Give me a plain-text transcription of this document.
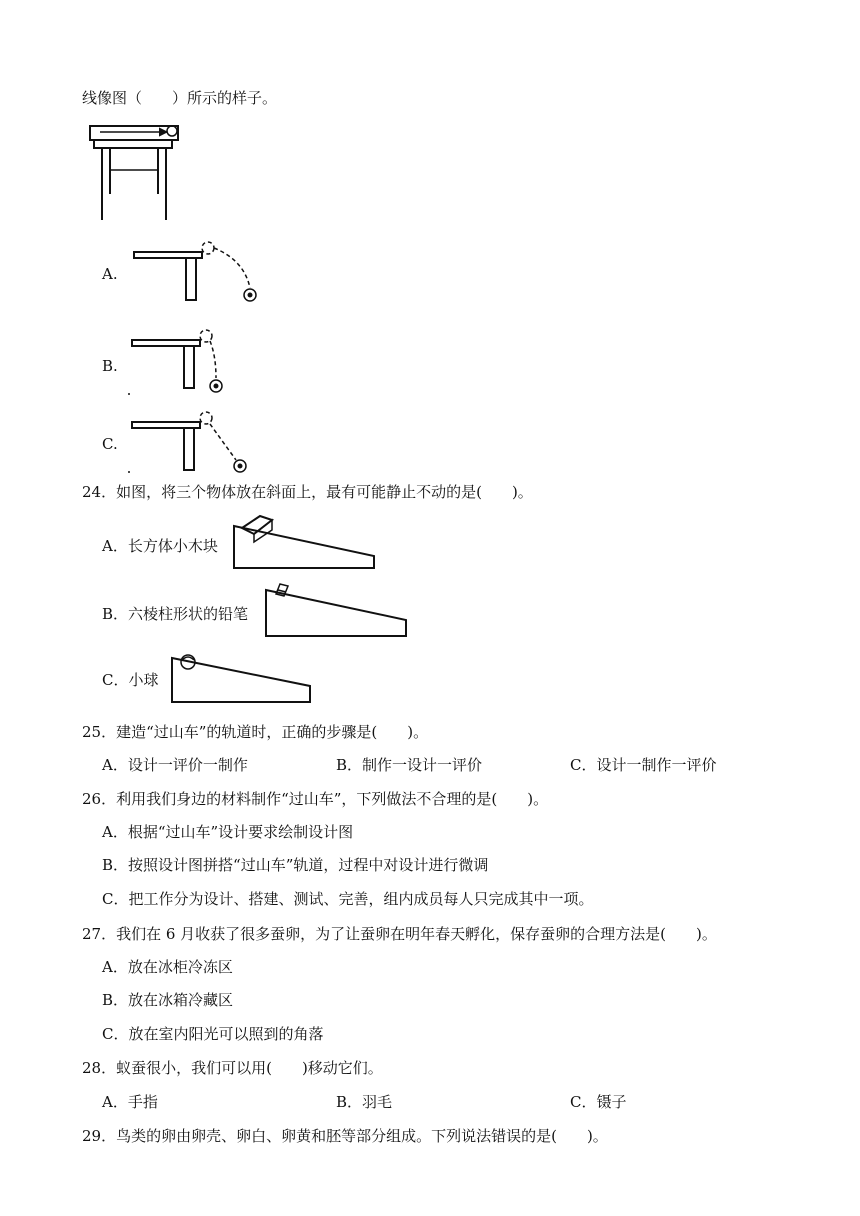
线像图（　　）所示的样子。
A.
B.
C.
24．如图，将三个物体放在斜面上，最有可能静止不动的是(　　)。
A．长方体小木块
B．六棱柱形状的铅笔
C．小球
25．建造“过山车”的轨道时，正确的步骤是(　　)。
A．设计一评价一制作	B．制作一设计一评价	C．设计一制作一评价
26．利用我们身边的材料制作“过山车”，下列做法不合理的是(　　)。
A．根据“过山车”设计要求绘制设计图
B．按照设计图拼搭“过山车”轨道，过程中对设计进行微调
C．把工作分为设计、搭建、测试、完善，组内成员每人只完成其中一项。
27．我们在 6 月收获了很多蚕卵，为了让蚕卵在明年春天孵化，保存蚕卵的合理方法是(　　)。
A．放在冰柜冷冻区
B．放在冰箱冷藏区
C．放在室内阳光可以照到的角落
28．蚁蚕很小，我们可以用(　　)移动它们。
A．手指	B．羽毛	C．镊子
29．鸟类的卵由卵壳、卵白、卵黄和胚等部分组成。下列说法错误的是(　　)。
